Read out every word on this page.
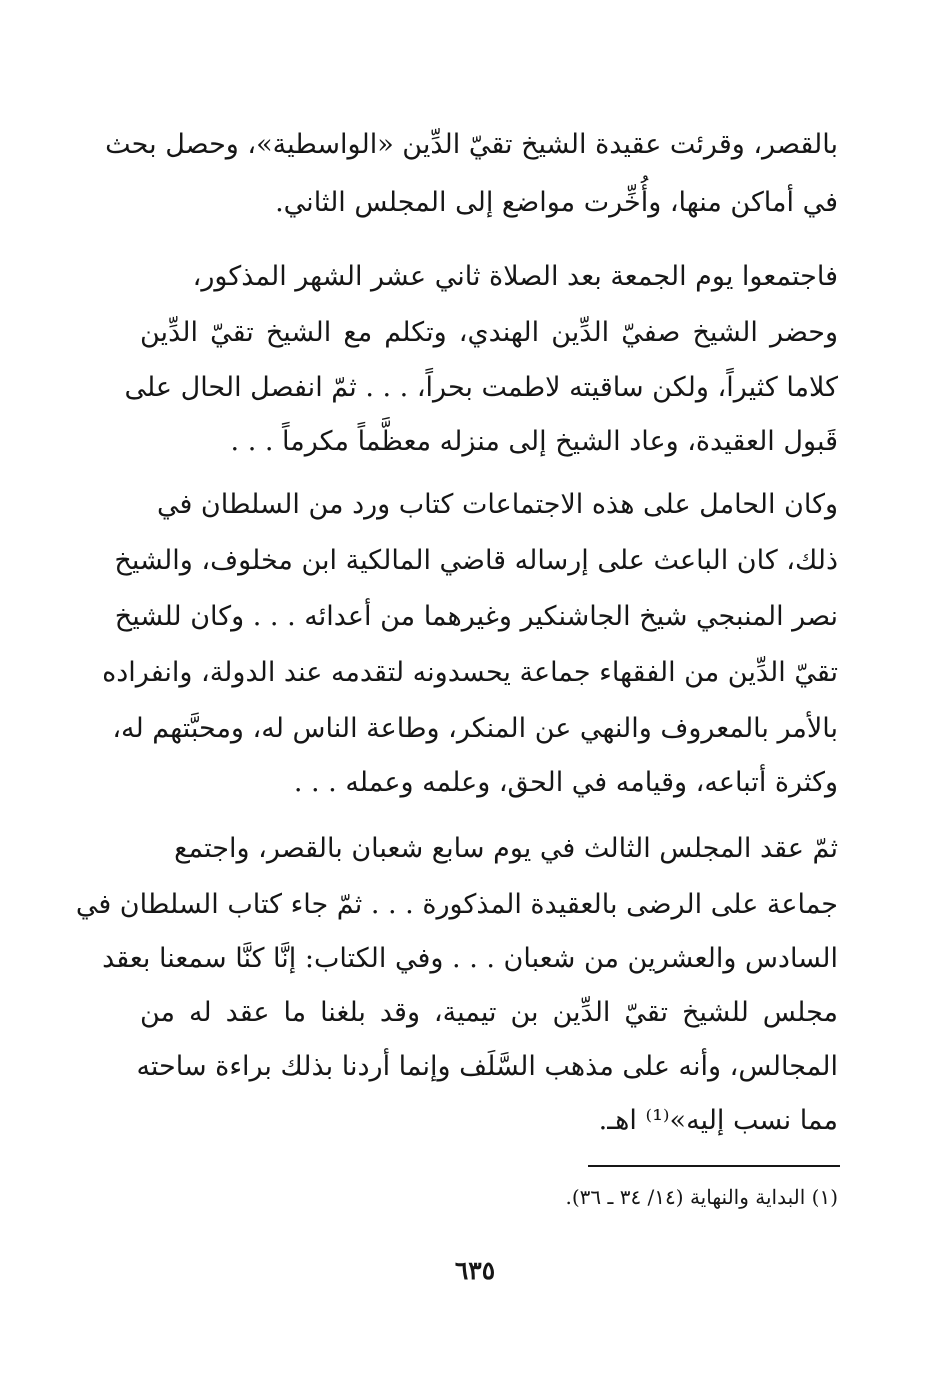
بالقصر، وقرئت عقيدة الشيخ تقيّ الدِّين «الواسطية»، وحصل بحث
في أماكن منها، وأُخِّرت مواضع إلى المجلس الثاني.
فاجتمعوا يوم الجمعة بعد الصلاة ثاني عشر الشهر المذكور،
وحضر الشيخ صفيّ الدِّين الهندي، وتكلم مع الشيخ تقيّ الدِّين
كلاما كثيراً، ولكن ساقيته لاطمت بحراً، . . . ثمّ انفصل الحال على
قَبول العقيدة، وعاد الشيخ إلى منزله معظَّماً مكرماً . . .
وكان الحامل على هذه الاجتماعات كتاب ورد من السلطان في
ذلك، كان الباعث على إرساله قاضي المالكية ابن مخلوف، والشيخ
نصر المنبجي شيخ الجاشنكير وغيرهما من أعدائه . . . وكان للشيخ
تقيّ الدِّين من الفقهاء جماعة يحسدونه لتقدمه عند الدولة، وانفراده
بالأمر بالمعروف والنهي عن المنكر، وطاعة الناس له، ومحبَّتهم له،
وكثرة أتباعه، وقيامه في الحق، وعلمه وعمله . . .
ثمّ عقد المجلس الثالث في يوم سابع شعبان بالقصر، واجتمع
جماعة على الرضى بالعقيدة المذكورة . . . ثمّ جاء كتاب السلطان في
السادس والعشرين من شعبان . . . وفي الكتاب: إنَّا كنَّا سمعنا بعقد
مجلس للشيخ تقيّ الدِّين بن تيمية، وقد بلغنا ما عقد له من
المجالس، وأنه على مذهب السَّلَف وإنما أردنا بذلك براءة ساحته
مما نسب إليه»⁽¹⁾ اهـ.
(١) البداية والنهاية (١٤/ ٣٤ ـ ٣٦).
٦٣٥
